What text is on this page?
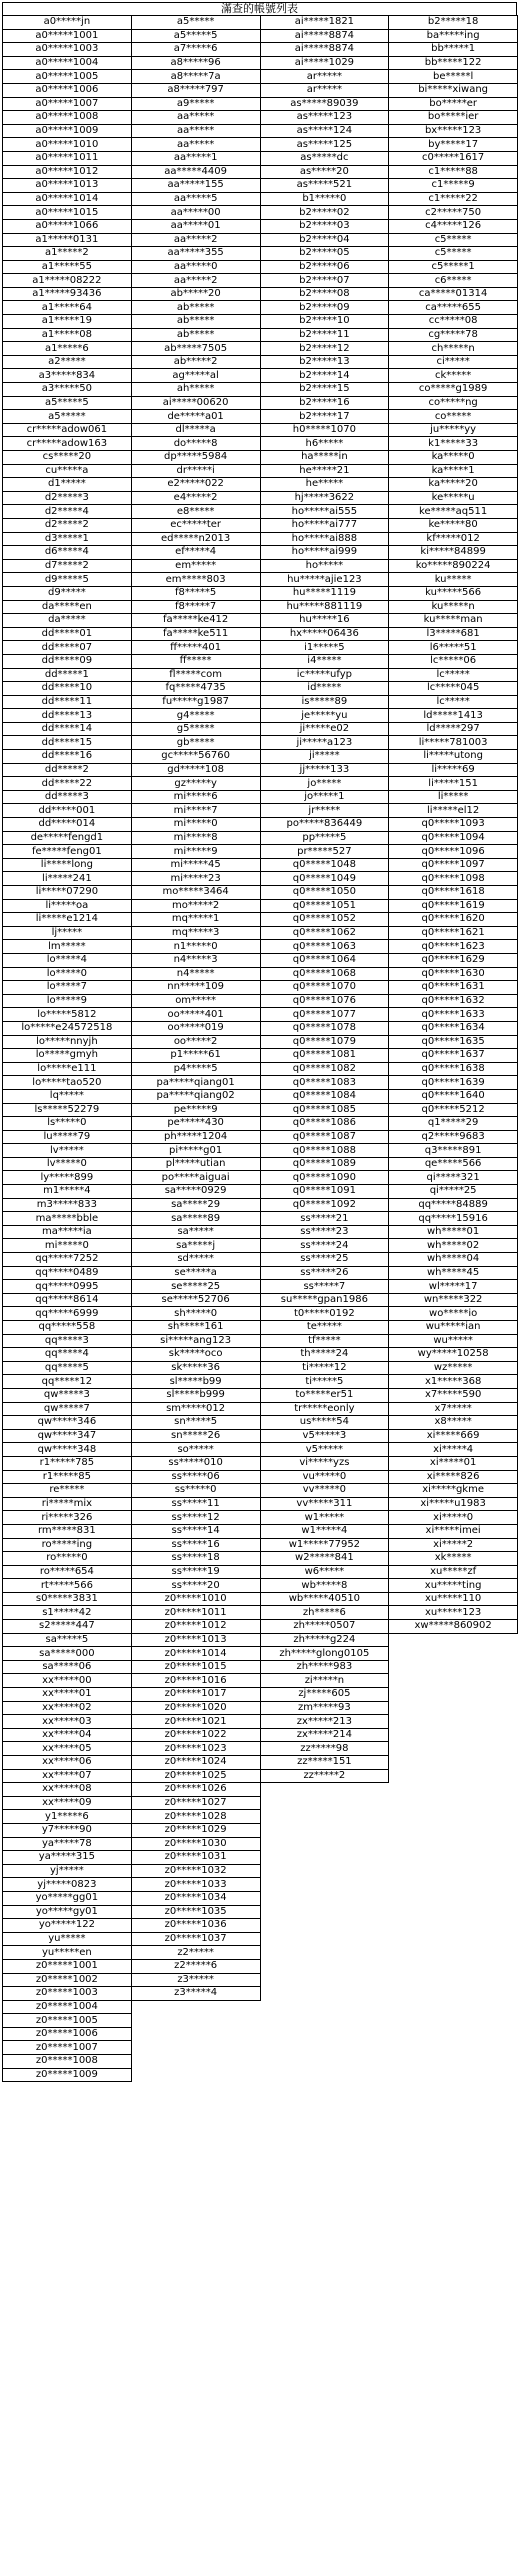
滿查的帳號列表
a0*****jn	a5*****	ai*****1821	b2*****18
a0*****1001	a5*****5	ai*****8874	ba*****ing
a0*****1003	a7*****6	ai*****8874	bb*****1
a0*****1004	a8*****96	ai*****1029	bb*****122
a0*****1005	a8*****7a	ar*****	be*****l
a0*****1006	a8*****797	ar*****	bi*****xiwang
a0*****1007	a9*****	as*****89039	bo*****er
a0*****1008	aa*****	as*****123	bo*****ier
a0*****1009	aa*****	as*****124	bx*****123
a0*****1010	aa*****	as*****125	by*****17
a0*****1011	aa*****1	as*****dc	c0*****1617
a0*****1012	aa*****4409	as*****20	c1*****88
a0*****1013	aa*****155	as*****521	c1*****9
a0*****1014	aa*****5	b1*****0	c1*****22
a0*****1015	aa*****00	b2*****02	c2*****750
a0*****1066	aa*****01	b2*****03	c4*****126
a1*****0131	aa*****2	b2*****04	c5*****
a1*****2	aa*****355	b2*****05	c5*****
a1*****55	aa*****0	b2*****06	c5*****1
a1*****08222	aa*****2	b2*****07	c6*****
a1*****93436	ab*****20	b2*****08	ca*****01314
a1*****64	ab*****	b2*****09	ca*****655
a1*****19	ab*****	b2*****10	cc*****08
a1*****08	ab*****	b2*****11	cg*****78
a1*****6	ab*****7505	b2*****12	ch*****n
a2*****	ab*****2	b2*****13	ci*****
a3*****834	ag*****al	b2*****14	ck*****
a3*****50	ah*****	b2*****15	co*****g1989
a5*****5	ai*****00620	b2*****16	co*****ng
a5*****	de*****a01	b2*****17	co*****
cr*****adow061	dl*****a	h0*****1070	ju*****yy
cr*****adow163	do*****8	h6*****	k1*****33
cs*****20	dp*****5984	ha*****in	ka*****0
cu*****a	dr*****i	he*****21	ka*****1
d1*****	e2*****022	he*****	ka*****20
d2*****3	e4*****2	hj*****3622	ke*****u
d2*****4	e8*****	ho*****ai555	ke*****aq511
d2*****2	ec*****ter	ho*****ai777	ke*****80
d3*****1	ed*****n2013	ho*****ai888	kf*****012
d6*****4	ef*****4	ho*****ai999	ki*****84899
d7*****2	em*****	ho*****	ko*****890224
d9*****5	em*****803	hu*****ajie123	ku*****
d9*****	f8*****5	hu*****1119	ku*****566
da*****en	f8*****7	hu*****881119	ku*****n
da*****	fa*****ke412	hu*****16	ku*****man
dd*****01	fa*****ke511	hx*****06436	l3*****681
dd*****07	ff*****401	i1*****5	l6*****51
dd*****09	ff*****	i4*****	lc*****06
dd*****1	fl*****com	ic*****ufyp	lc*****
dd*****10	fq*****4735	id*****	lc*****045
dd*****11	fu*****g1987	is*****89	lc*****
dd*****13	g4*****	je*****yu	ld*****1413
dd*****14	g5*****	ji*****e02	ld*****297
dd*****15	gb*****	ji*****a123	li*****781003
dd*****16	gc*****56760	ji*****	li*****utong
dd*****2	gd*****108	jj*****133	li*****69
dd*****22	gz*****y	jo*****	li*****151
dd*****3	mi*****6	jo*****1	li*****
dd*****001	mi*****7	jr*****	li*****el12
dd*****014	mi*****0	po*****836449	q0*****1093
de*****fengd1	mi*****8	pp*****5	q0*****1094
fe*****feng01	mi*****9	pr*****527	q0*****1096
li*****long	mi*****45	q0*****1048	q0*****1097
li*****241	mi*****23	q0*****1049	q0*****1098
li*****07290	mo*****3464	q0*****1050	q0*****1618
li*****oa	mo*****2	q0*****1051	q0*****1619
li*****e1214	mq*****1	q0*****1052	q0*****1620
lj*****	mq*****3	q0*****1062	q0*****1621
lm*****	n1*****0	q0*****1063	q0*****1623
lo*****4	n4*****3	q0*****1064	q0*****1629
lo*****0	n4*****	q0*****1068	q0*****1630
lo*****7	nn*****109	q0*****1070	q0*****1631
lo*****9	om*****	q0*****1076	q0*****1632
lo*****5812	oo*****401	q0*****1077	q0*****1633
lo*****e24572518	oo*****019	q0*****1078	q0*****1634
lo*****nnyjh	oo*****2	q0*****1079	q0*****1635
lo*****gmyh	p1*****61	q0*****1081	q0*****1637
lo*****e111	p4*****5	q0*****1082	q0*****1638
lo*****tao520	pa*****qiang01	q0*****1083	q0*****1639
lq*****	pa*****qiang02	q0*****1084	q0*****1640
ls*****52279	pe*****9	q0*****1085	q0*****5212
ls*****0	pe*****430	q0*****1086	q1*****29
lu*****79	ph*****1204	q0*****1087	q2*****9683
lv*****	pi*****g01	q0*****1088	q3*****891
lv*****0	pl*****utian	q0*****1089	qe*****566
ly*****899	po*****aiguai	q0*****1090	qi*****321
m1*****4	sa*****0929	q0*****1091	qi*****25
m3*****833	sa*****29	q0*****1092	qq*****84889
ma*****bble	sa*****89	ss*****21	qq*****15916
ma*****ia	sa*****	ss*****23	wh*****01
mi*****0	sa*****j	ss*****24	wh*****02
qq*****7252	sd*****	ss*****25	wh*****04
qq*****0489	se*****a	ss*****26	wh*****45
qq*****0995	se*****25	ss*****7	wl*****17
qq*****8614	se*****52706	su*****gpan1986	wn*****322
qq*****6999	sh*****0	t0*****0192	wo*****io
qq*****558	sh*****161	te*****	wu*****ian
qq*****3	si*****ang123	tf*****	wu*****
qq*****4	sk*****oco	th*****24	wy*****10258
qq*****5	sk*****36	ti*****12	wz*****
qq*****12	sl*****b99	ti*****5	x1*****368
qw*****3	sl*****b999	to*****er51	x7*****590
qw*****7	sm*****012	tr*****eonly	x7*****
qw*****346	sn*****5	us*****54	x8*****
qw*****347	sn*****26	v5*****3	xi*****669
qw*****348	so*****	v5*****	xi*****4
r1*****785	ss*****010	vi*****yzs	xi*****01
r1*****85	ss*****06	vu*****0	xi*****826
re*****	ss*****0	vv*****0	xi*****gkme
ri*****mix	ss*****11	vv*****311	xi*****u1983
ri*****326	ss*****12	w1*****	xi*****0
rm*****831	ss*****14	w1*****4	xi*****imei
ro*****ing	ss*****16	w1*****77952	xi*****2
ro*****0	ss*****18	w2*****841	xk*****
ro*****654	ss*****19	w6*****	xu*****zf
rt*****566	ss*****20	wb*****8	xu*****ting
s0*****3831	z0*****1010	wb*****40510	xu*****110
s1*****42	z0*****1011	zh*****6	xu*****123
s2*****447	z0*****1012	zh*****0507	xw*****860902
sa*****5	z0*****1013	zh*****g224	
sa*****000	z0*****1014	zh*****glong0105	
sa*****06	z0*****1015	zh*****983	
xx*****00	z0*****1016	zi*****n	
xx*****01	z0*****1017	zj*****605	
xx*****02	z0*****1020	zm*****93	
xx*****03	z0*****1021	zx*****213	
xx*****04	z0*****1022	zx*****214	
xx*****05	z0*****1023	zz*****98	
xx*****06	z0*****1024	zz*****151	
xx*****07	z0*****1025	zz*****2	
xx*****08	z0*****1026		
xx*****09	z0*****1027		
y1*****6	z0*****1028		
y7*****90	z0*****1029		
ya*****78	z0*****1030		
ya*****315	z0*****1031		
yj*****	z0*****1032		
yj*****0823	z0*****1033		
yo*****gg01	z0*****1034		
yo*****gy01	z0*****1035		
yo*****122	z0*****1036		
yu*****	z0*****1037		
yu*****en	z2*****		
z0*****1001	z2*****6		
z0*****1002	z3*****		
z0*****1003	z3*****4		
z0*****1004			
z0*****1005			
z0*****1006			
z0*****1007			
z0*****1008			
z0*****1009			
